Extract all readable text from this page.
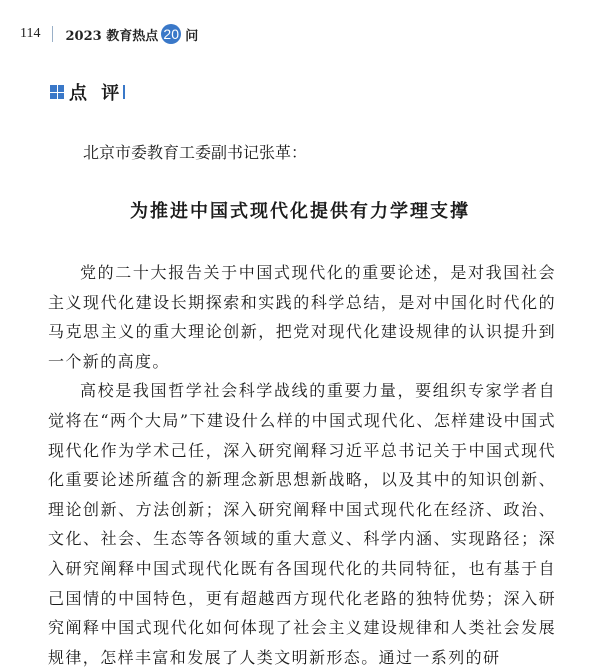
114 2023 教育热点 20 问
点 评
北京市委教育工委副书记张革：
为推进中国式现代化提供有力学理支撑

党的二十大报告关于中国式现代化的重要论述，是对我国社会主义现代化建设长期探索和实践的科学总结，是对中国化时代化的马克思主义的重大理论创新，把党对现代化建设规律的认识提升到一个新的高度。

高校是我国哲学社会科学战线的重要力量，要组织专家学者自觉将在“两个大局”下建设什么样的中国式现代化、怎样建设中国式现代化作为学术己任，深入研究阐释习近平总书记关于中国式现代化重要论述所蕴含的新理念新思想新战略，以及其中的知识创新、理论创新、方法创新；深入研究阐释中国式现代化在经济、政治、文化、社会、生态等各领域的重大意义、科学内涵、实现路径；深入研究阐释中国式现代化既有各国现代化的共同特征，也有基于自己国情的中国特色，更有超越西方现代化老路的独特优势；深入研究阐释中国式现代化如何体现了社会主义建设规律和人类社会发展规律，怎样丰富和发展了人类文明新形态。通过一系列的研
